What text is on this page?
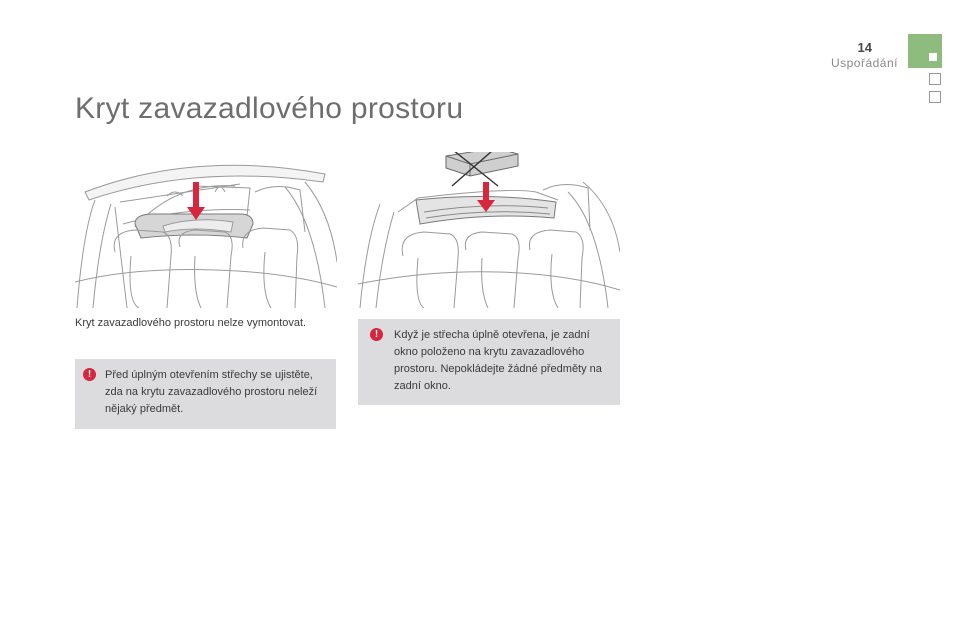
14
Uspořádání
Kryt zavazadlového prostoru

Kryt zavazadlového prostoru nelze vymontovat.

!	Před úplným otevřením střechy se ujistěte, zda na krytu zavazadlového prostoru neleží nějaký předmět.

!	Když je střecha úplně otevřena, je zadní okno položeno na krytu zavazadlového prostoru. Nepokládejte žádné předměty na zadní okno.
